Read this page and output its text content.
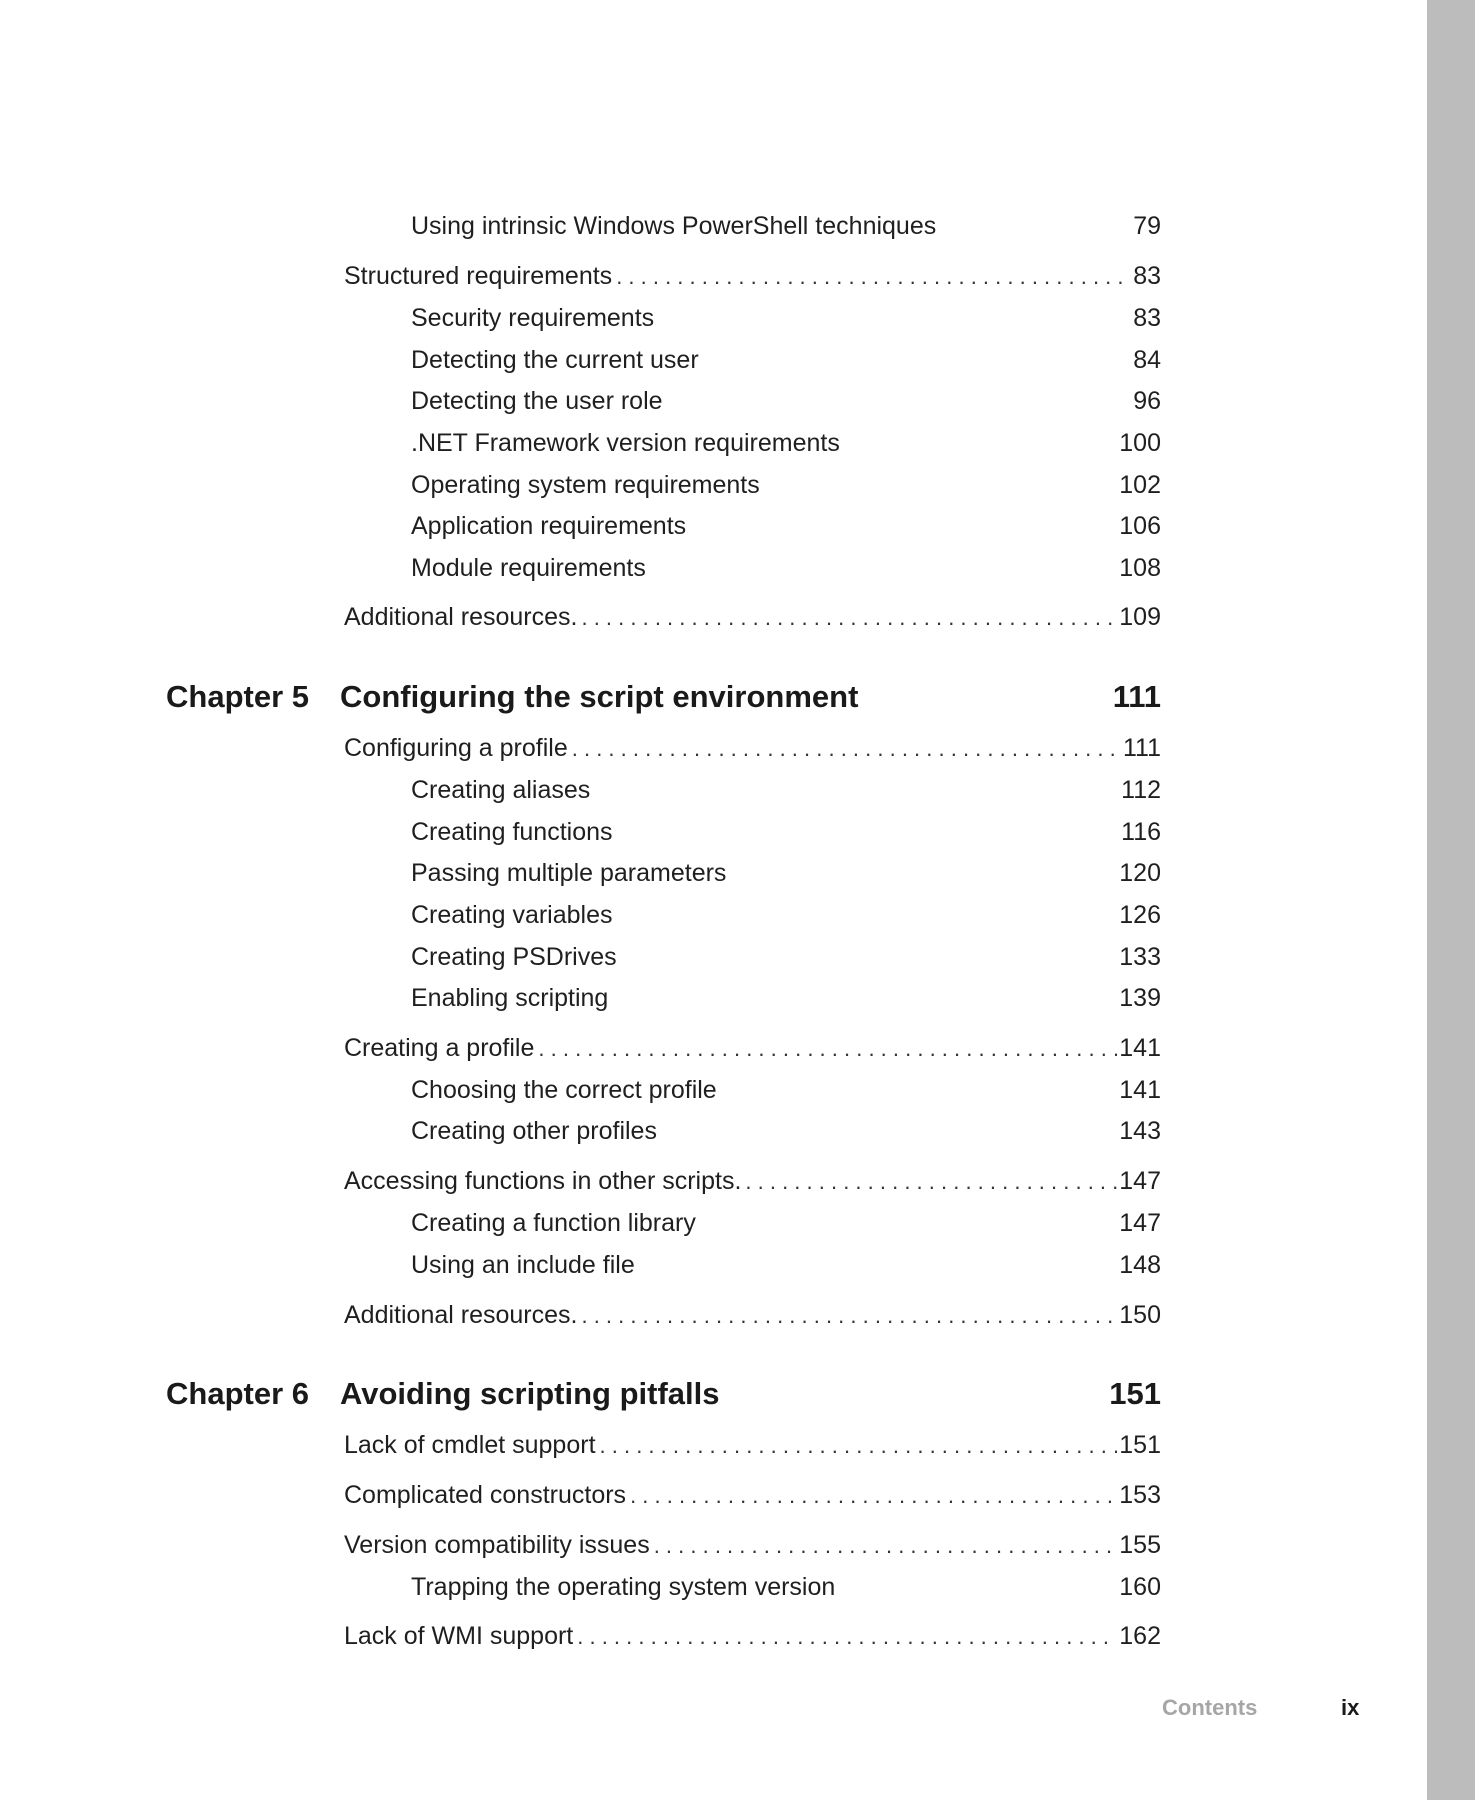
Using intrinsic Windows PowerShell techniques	79
Structured requirements . . .	83
Security requirements	83
Detecting the current user	84
Detecting the user role	96
.NET Framework version requirements	100
Operating system requirements	102
Application requirements	106
Module requirements	108
Additional resources. . . .	109
Chapter 5	Configuring the script environment	111
Configuring a profile . . .	111
Creating aliases	112
Creating functions	116
Passing multiple parameters	120
Creating variables	126
Creating PSDrives	133
Enabling scripting	139
Creating a profile . . .	141
Choosing the correct profile	141
Creating other profiles	143
Accessing functions in other scripts. . . .	147
Creating a function library	147
Using an include file	148
Additional resources. . . .	150
Chapter 6	Avoiding scripting pitfalls	151
Lack of cmdlet support . . .	151
Complicated constructors . . .	153
Version compatibility issues . . .	155
Trapping the operating system version	160
Lack of WMI support . . .	162
Contents	ix
